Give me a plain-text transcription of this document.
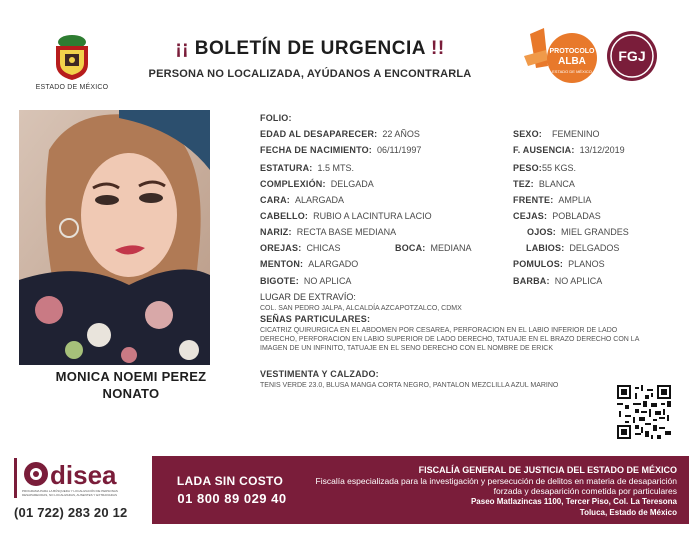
ESTADO DE MÉXICO
¡¡ BOLETÍN DE URGENCIA !!
PERSONA NO LOCALIZADA, AYÚDANOS A ENCONTRARLA
PROTOCOLO
ALBA
ESTADO DE MÉXICO
FGJ
MONICA NOEMI PEREZ
NONATO
FOLIO:
EDAD AL DESAPARECER: 22 AÑOS	SEXO: FEMENINO
FECHA DE NACIMIENTO: 06/11/1997	F. AUSENCIA: 13/12/2019
ESTATURA: 1.5 MTS.	PESO:55 KGS.
COMPLEXIÓN: DELGADA	TEZ: BLANCA
CARA: ALARGADA	FRENTE: AMPLIA
CABELLO: RUBIO A LACINTURA LACIO	CEJAS: POBLADAS
NARIZ: RECTA BASE MEDIANA	OJOS: MIEL GRANDES
OREJAS: CHICAS	BOCA: MEDIANA	LABIOS: DELGADOS
MENTON: ALARGADO	POMULOS: PLANOS
BIGOTE: NO APLICA	BARBA: NO APLICA
LUGAR DE EXTRAVÍO:
COL. SAN PEDRO JALPA, ALCALDÍA AZCAPOTZALCO, CDMX
SEÑAS PARTICULARES:
CICATRIZ QUIRURGICA EN EL ABDOMEN POR CESAREA, PERFORACION EN EL LABIO INFERIOR DE LADO DERECHO, PERFORACION EN LABIO SUPERIOR DE LADO DERECHO, TATUAJE EN EL BRAZO DERECHO CON LA IMAGEN DE UN INFINITO, TATUAJE EN EL SENO DERECHO CON EL NOMBRE DE ERICK
VESTIMENTA Y CALZADO:
TENIS VERDE 23.0, BLUSA MANGA CORTA NEGRO, PANTALON MEZCLILLA AZUL MARINO
disea
PROGRAMA PARA LA BÚSQUEDA Y LOCALIZACIÓN DE PERSONAS
DESAPARECIDAS, NO LOCALIZADAS, AUSENTES Y EXTRAVIADAS
(01 722) 283 20 12
LADA SIN COSTO
01 800 89 029 40
FISCALÍA GENERAL DE JUSTICIA DEL ESTADO DE MÉXICO
Fiscalía especializada para la investigación y persecución de delitos en materia de desaparición forzada y desaparición cometida por particulares
Paseo Matlazincas 1100, Tercer Piso, Col. La Teresona
Toluca, Estado de México
